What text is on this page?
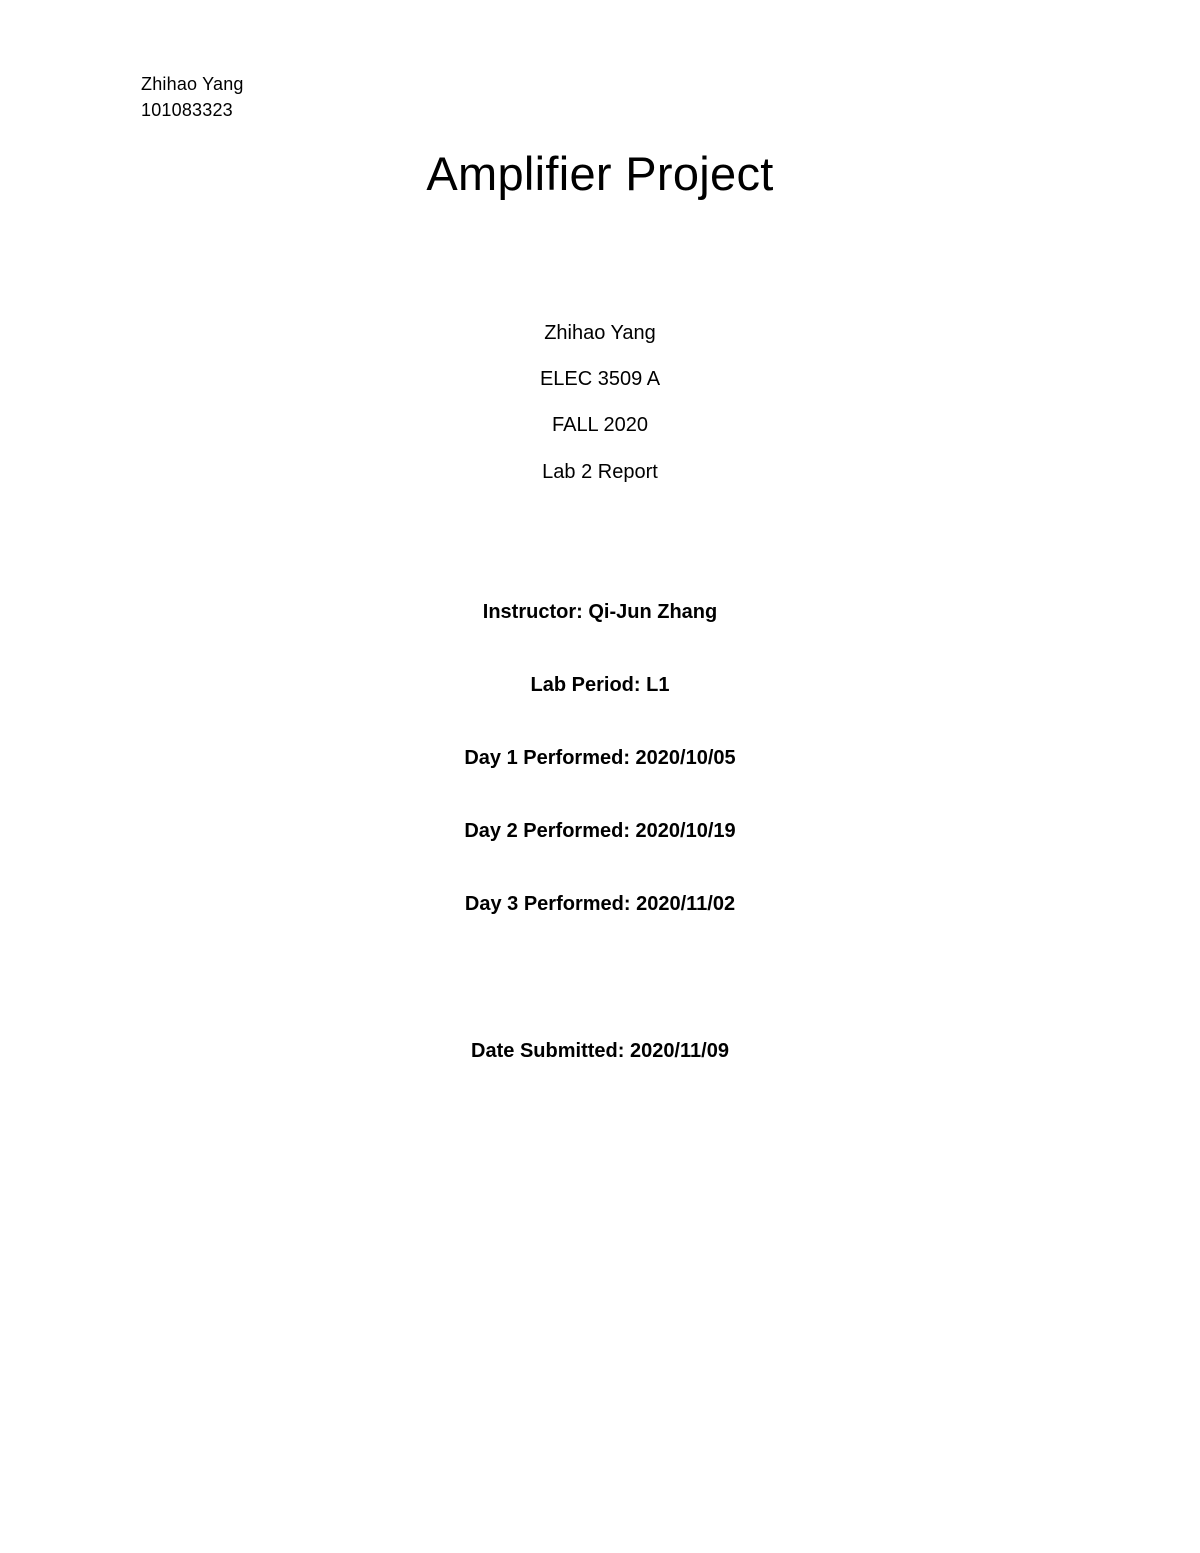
Zhihao Yang
101083323
Amplifier Project
Zhihao Yang
ELEC 3509 A
FALL 2020
Lab 2 Report
Instructor: Qi-Jun Zhang
Lab Period: L1
Day 1 Performed: 2020/10/05
Day 2 Performed: 2020/10/19
Day 3 Performed: 2020/11/02
Date Submitted: 2020/11/09
